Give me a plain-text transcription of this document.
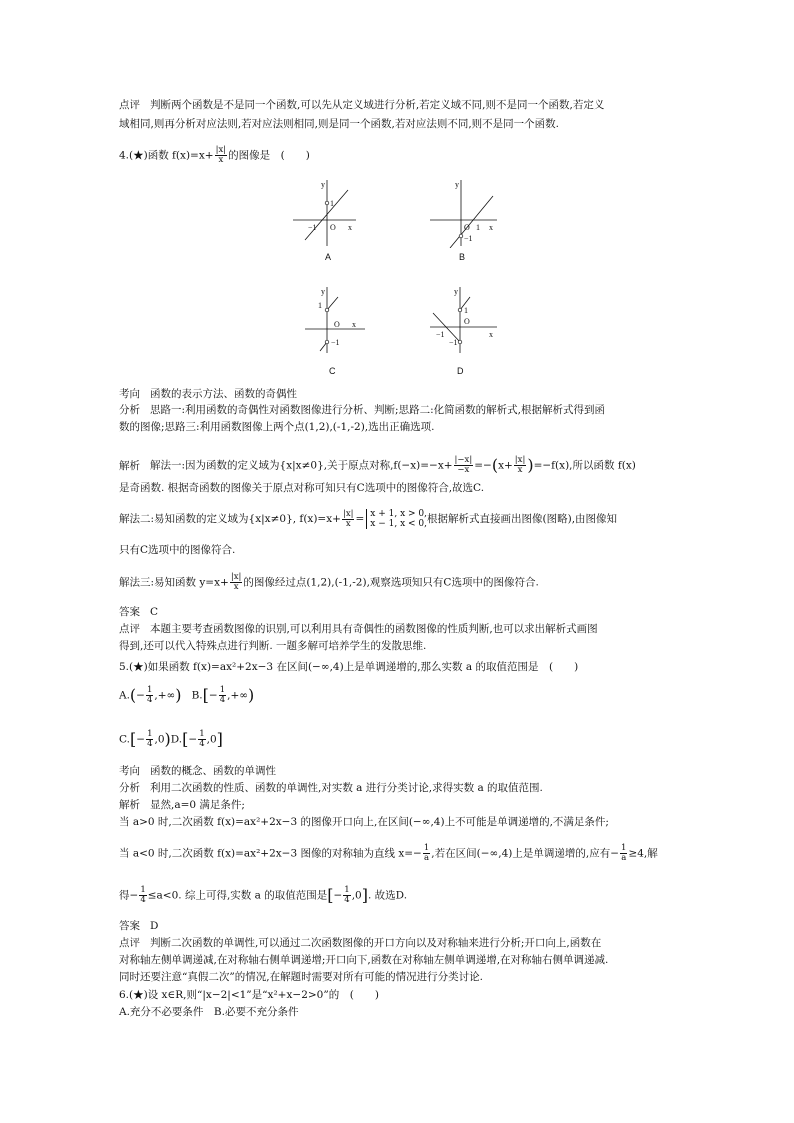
点评 判断两个函数是不是同一个函数,可以先从定义域进行分析,若定义域不同,则不是同一个函数,若定义
域相同,则再分析对应法则,若对应法则相同,则是同一个函数,若对应法则不同,则不是同一个函数.
4.(★)函数 $f(x)=x+ \frac{|x|}{x}$ 的图像是　(　　)
y
1
−1 O x
A
y
O 1 x
−1
B
y
1
O x
−1
C
y
1
−1
O
x
−1
D
考向 函数的表示方法、函数的奇偶性
分析 思路一:利用函数的奇偶性对函数图像进行分析、判断;思路二:化简函数的解析式,根据解析式得到函
数的图像;思路三:利用函数图像上两个点(1,2),(-1,-2),选出正确选项.
解析 解法一:因为函数的定义域为{x|x≠0},关于原点对称$,f(-x)=-x+ \frac{|-x|}{-x} =-(x+ \frac{|x|}{x} )=-f(x)$,所以函数 f(x)
是奇函数. 根据奇函数的图像关于原点对称可知只有C选项中的图像符合,故选C.
解法二:易知函数的定义域为{x|x≠0}, $f(x)=x+ \frac{|x|}{x} = x + 1$, x > 0,
x − 1, x < 0, 根据解析式直接画出图像(图略),由图像知
只有C选项中的图像符合.
解法三:易知函数 $y=x+ \frac{|x|}{x}$ 的图像经过点(1,2),(-1,-2),观察选项知只有C选项中的图像符合.
答案 C
点评 本题主要考查函数图像的识别,可以利用具有奇偶性的函数图像的性质判断,也可以求出解析式画图
得到,还可以代入特殊点进行判断. 一题多解可培养学生的发散思维.
5.(★)如果函数 f(x)=ax²+2x−3 在区间(−∞,4)上是单调递增的,那么实数 a 的取值范围是　(　　)
$A.(- \frac{1}{4}$ ,+∞) $B.[- \frac{1}{4}$ ,+∞)
$C.[- \frac{1}{4} ,0)D.[- \frac{1}{4} ,0]$
考向 函数的概念、函数的单调性
分析 利用二次函数的性质、函数的单调性,对实数 a 进行分类讨论,求得实数 a 的取值范围.
解析 显然,a=0 满足条件;
当 a>0 时,二次函数 f(x)=ax²+2x−3 的图像开口向上,在区间(−∞,4)上不可能是单调递增的,不满足条件;
当 a<0 时,二次函数 f(x)=ax²+2x−3 图像的对称轴为直线 $x=- \frac{1}{a}$ ,若在区间(−∞,4)上是单调递增的,应有− $\frac{1}{a} \ge 4$,解
得− $\frac{1}{4} \le a<0$. 综上可得,实数 a 的取值范围是[− $\frac{1}{4} ,0$]. 故选D.
答案 D
点评 判断二次函数的单调性,可以通过二次函数图像的开口方向以及对称轴来进行分析;开口向上,函数在
对称轴左侧单调递减,在对称轴右侧单调递增;开口向下,函数在对称轴左侧单调递增,在对称轴右侧单调递减.
同时还要注意“真假二次”的情况,在解题时需要对所有可能的情况进行分类讨论.
6.(★)设 x∈R,则“|x−2|<1”是“x²+x−2>0”的　(　　)
A.充分不必要条件　B.必要不充分条件
